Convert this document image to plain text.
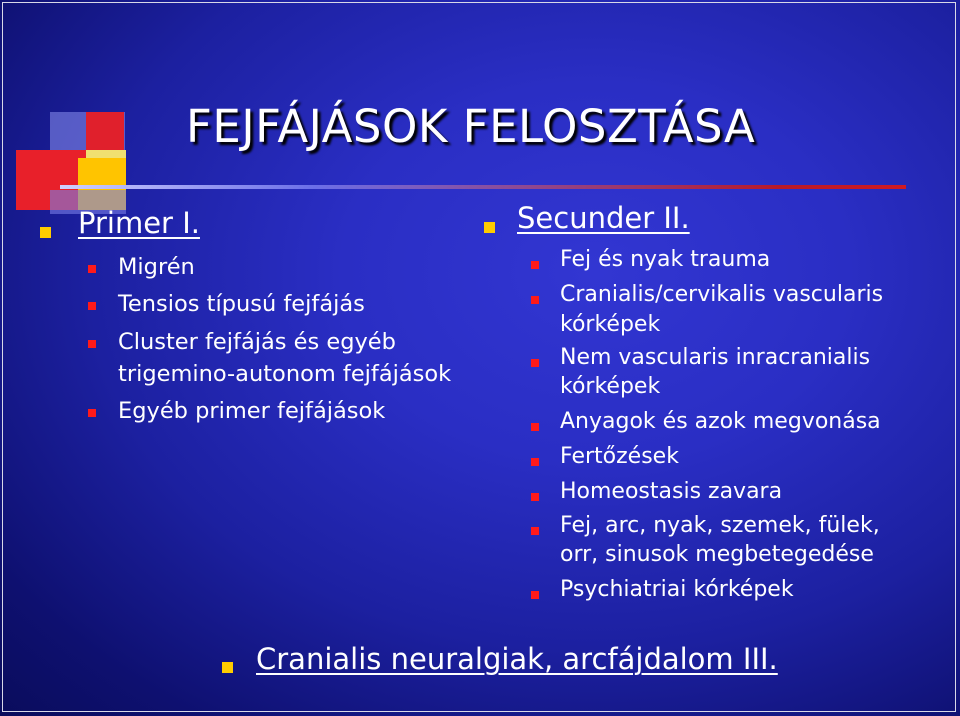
FEJFÁJÁSOK FELOSZTÁSA
Primer I.
Migrén
Tensios típusú fejfájás
Cluster fejfájás és egyéb
trigemino-autonom fejfájások
Egyéb primer fejfájások
Secunder II.
Fej és nyak trauma
Cranialis/cervikalis vascularis
kórképek
Nem vascularis inracranialis
kórképek
Anyagok és azok megvonása
Fertőzések
Homeostasis zavara
Fej, arc, nyak, szemek, fülek,
orr, sinusok megbetegedése
Psychiatriai kórképek
Cranialis neuralgiak, arcfájdalom III.
